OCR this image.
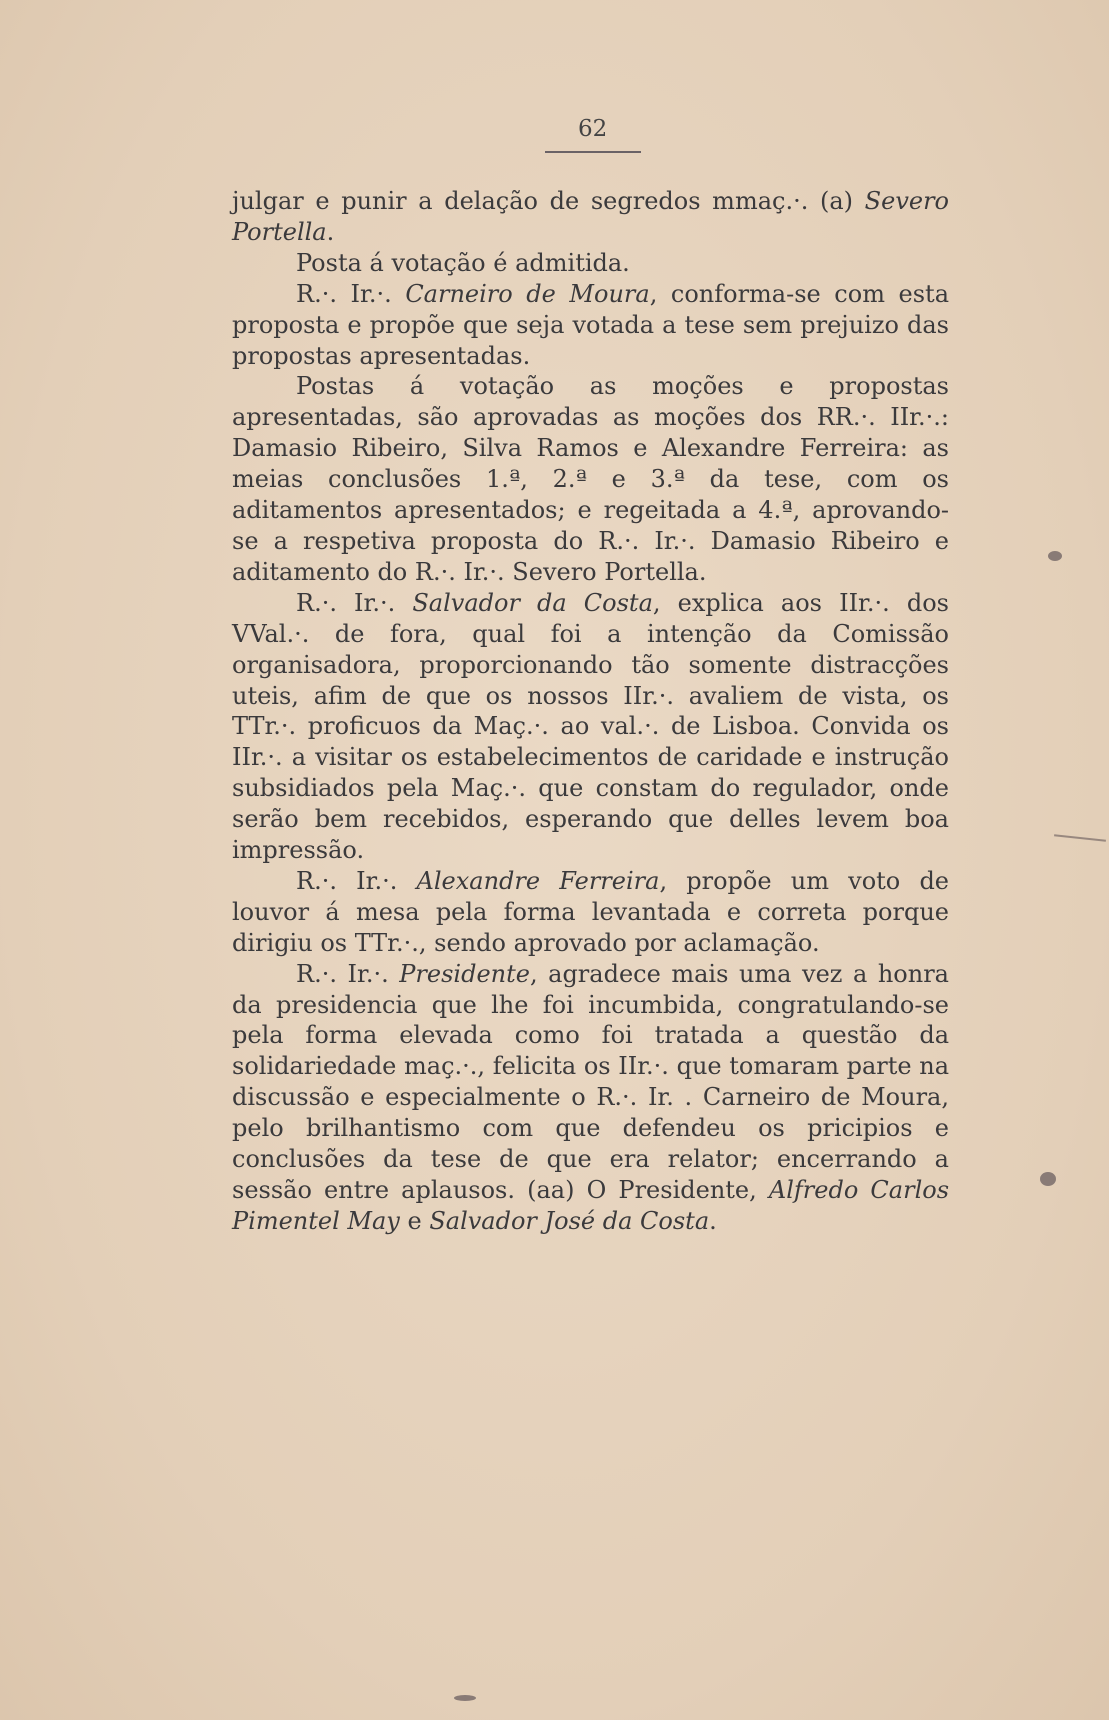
62

julgar e punir a delação de segredos mmaç.·. (a) Severo Portella.

Posta á votação é admitida.

R.·. Ir.·. Carneiro de Moura, conforma-se com esta proposta e propõe que seja votada a tese sem prejuizo das propostas apresentadas.

Postas á votação as moções e propostas apresentadas, são aprovadas as moções dos RR.·. IIr.·.: Damasio Ribeiro, Silva Ramos e Alexandre Ferreira: as meias conclusões 1.ª, 2.ª e 3.ª da tese, com os aditamentos apresentados; e regeitada a 4.ª, aprovando-se a respetiva proposta do R.·. Ir.·. Damasio Ribeiro e aditamento do R.·. Ir.·. Severo Portella.

R.·. Ir.·. Salvador da Costa, explica aos IIr.·. dos VVal.·. de fora, qual foi a intenção da Comissão organisadora, proporcionando tão somente distracções uteis, afim de que os nossos IIr.·. avaliem de vista, os TTr.·. proficuos da Maç.·. ao val.·. de Lisboa. Convida os IIr.·. a visitar os estabelecimentos de caridade e instrução subsidiados pela Maç.·. que constam do regulador, onde serão bem recebidos, esperando que delles levem boa impressão.

R.·. Ir.·. Alexandre Ferreira, propõe um voto de louvor á mesa pela forma levantada e correta porque dirigiu os TTr.·., sendo aprovado por aclamação.

R.·. Ir.·. Presidente, agradece mais uma vez a honra da presidencia que lhe foi incumbida, congratulando-se pela forma elevada como foi tratada a questão da solidariedade maç.·., felicita os IIr.·. que tomaram parte na discussão e especialmente o R.·. Ir. . Carneiro de Moura, pelo brilhantismo com que defendeu os pricipios e conclusões da tese de que era relator; encerrando a sessão entre aplausos. (aa) O Presidente, Alfredo Carlos Pimentel May e Salvador José da Costa.
